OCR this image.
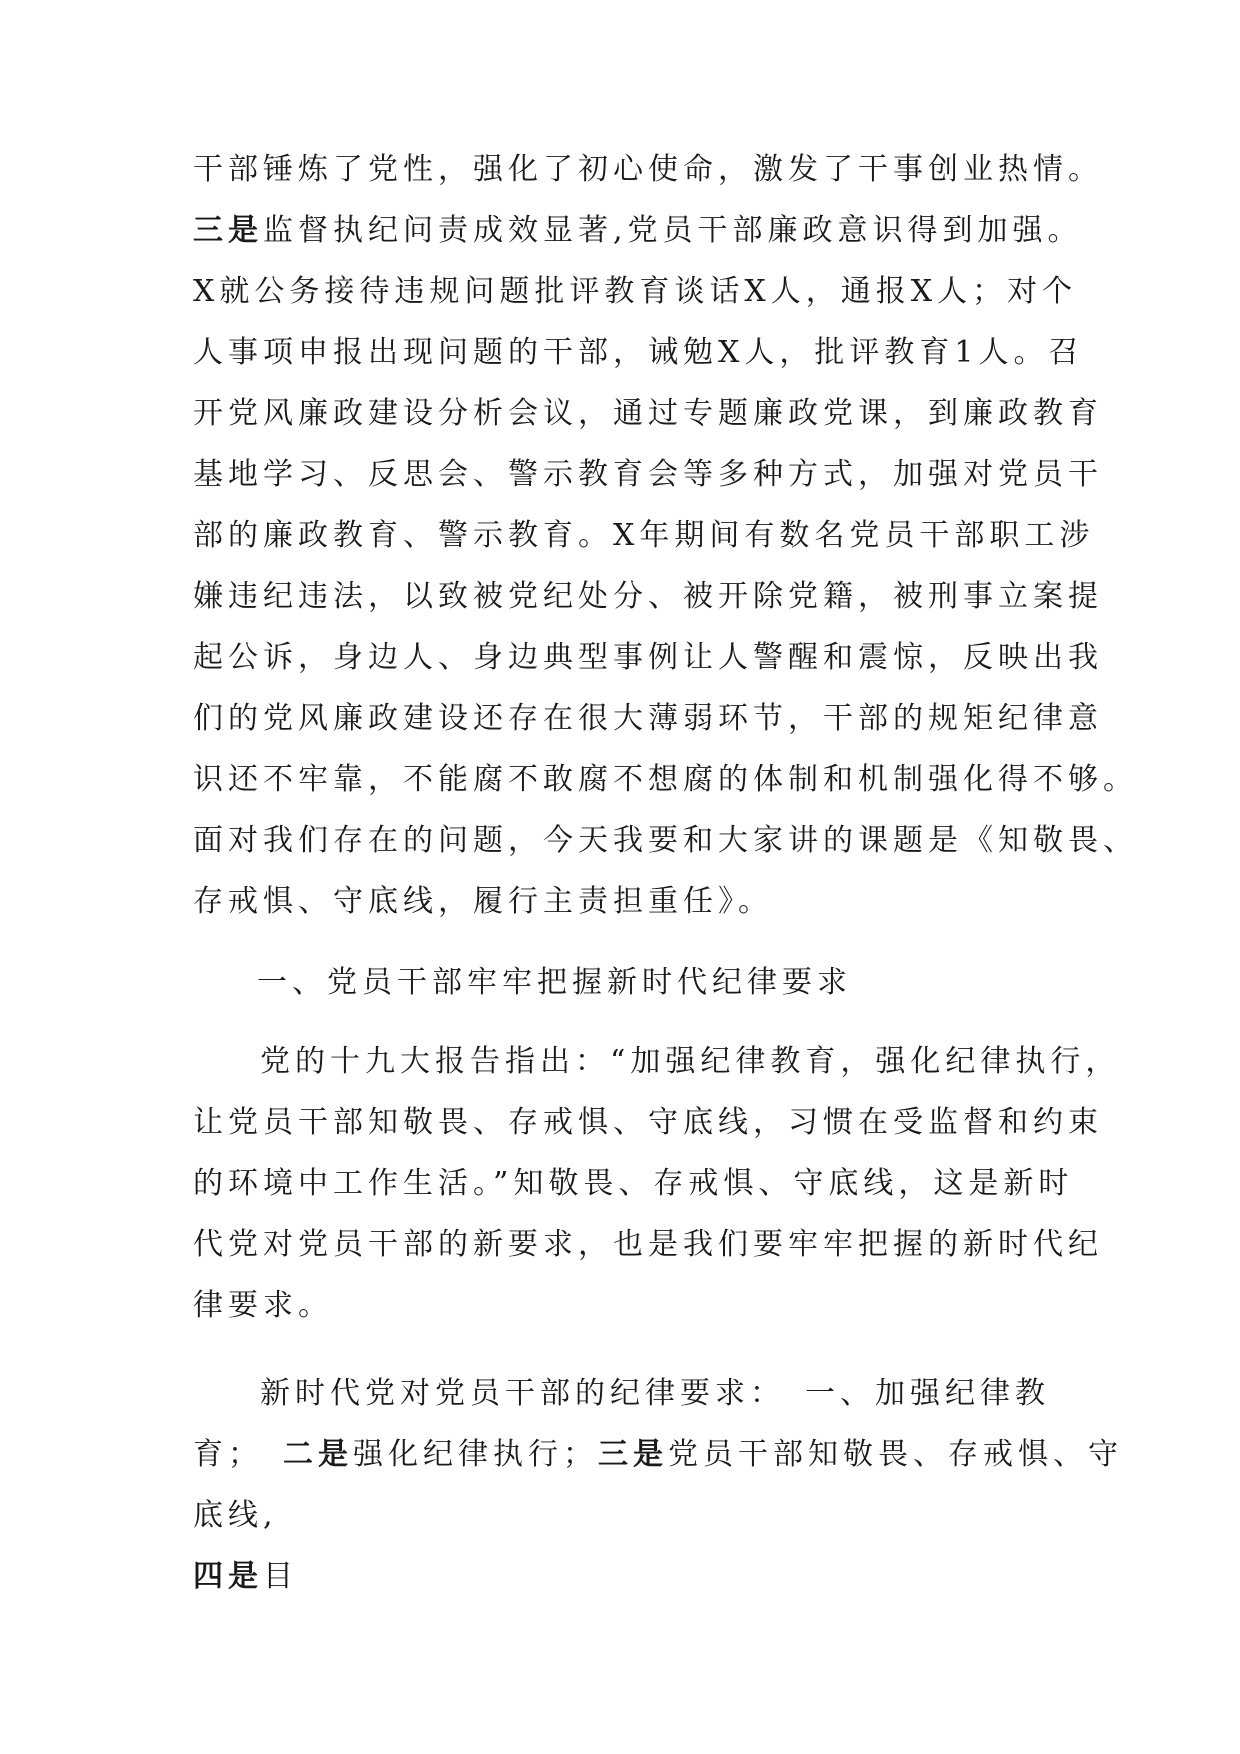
干部锤炼了党性，强化了初心使命，激发了干事创业热情。
三是监督执纪问责成效显著,党员干部廉政意识得到加强。
X就公务接待违规问题批评教育谈话X人，通报X人；对个
人事项申报出现问题的干部，诫勉X人，批评教育1人。召
开党风廉政建设分析会议，通过专题廉政党课，到廉政教育
基地学习、反思会、警示教育会等多种方式，加强对党员干
部的廉政教育、警示教育。X年期间有数名党员干部职工涉
嫌违纪违法，以致被党纪处分、被开除党籍，被刑事立案提
起公诉，身边人、身边典型事例让人警醒和震惊，反映出我
们的党风廉政建设还存在很大薄弱环节，干部的规矩纪律意
识还不牢靠，不能腐不敢腐不想腐的体制和机制强化得不够。
面对我们存在的问题，今天我要和大家讲的课题是《知敬畏、
存戒惧、守底线，履行主责担重任》。
一、党员干部牢牢把握新时代纪律要求
党的十九大报告指出：“加强纪律教育，强化纪律执行，
让党员干部知敬畏、存戒惧、守底线，习惯在受监督和约束
的环境中工作生活。”知敬畏、存戒惧、守底线，这是新时
代党对党员干部的新要求，也是我们要牢牢把握的新时代纪
律要求。
新时代党对党员干部的纪律要求：　一、加强纪律教
育； 二是强化纪律执行；三是党员干部知敬畏、存戒惧、守
底线,
四是目
